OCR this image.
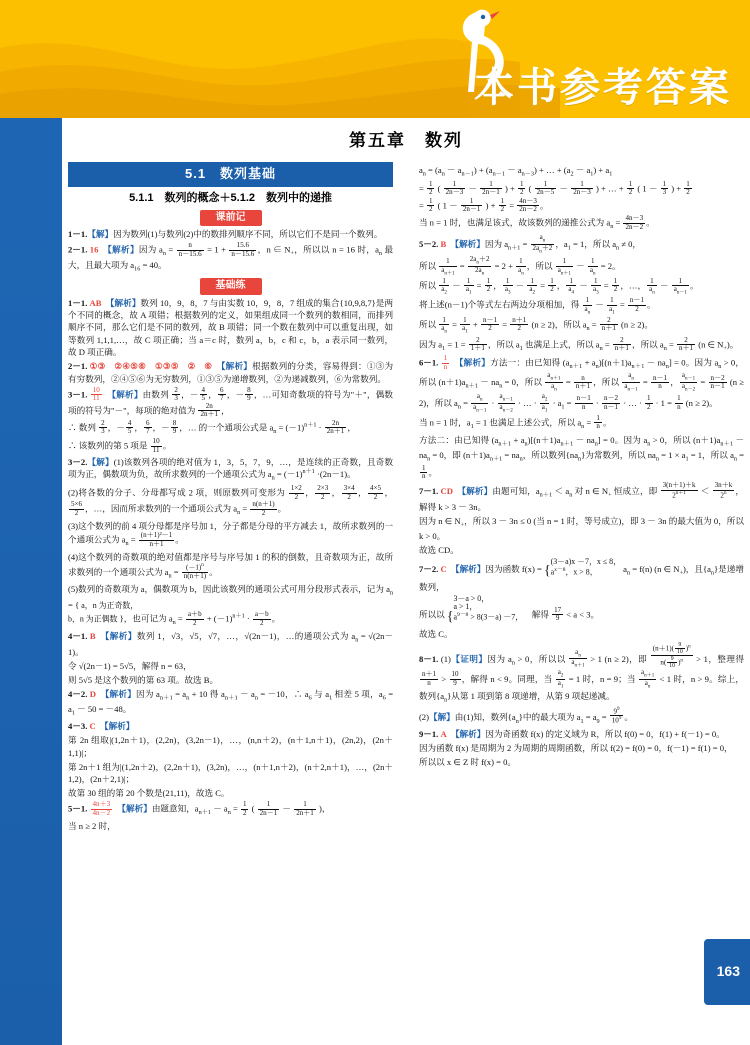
本书参考答案
163
第五章　数列
5.1　数列基础
5.1.1　数列的概念＋5.1.2　数列中的递推
课前记

1－1.【解】因为数列(1)与数列(2)中的数排列顺序不同，所以它们不是同一个数列。

2－1. 16　 【解析】因为 $a_n = \frac{n}{n-15.6} = 1 + \frac{15.6}{n-15.6}$ ，n ∈ $N_+$，所以以 n = 16 时，$a_n$ 最大，且最大项为 $a_{16} = 40$。

基础练

1－1. AB　 【解析】数列 10，9，8，7 与由实数 10，9，8，7 组成的集合{10,9,8,7}是两个不同的概念，故 A 项错；根据数列的定义，如果组成同一个数列的数相同，而排列顺序不同，那么它们是不同的数列，故 B 项错；同一个数在数列中可以重复出现，如等数列 1,1,1,…，故 C 项正确；当 a＝c 时，数列 a，b，c 和 c，b，a 表示同一数列，故 D 项正确。

2－1. ①③　②④⑤⑥　①③⑤　②　⑥　 【解析】根据数列的分类，容易得到：①③为有穷数列，②④⑤⑥为无穷数列，①③⑤为递增数列，②为递减数列，⑥为常数列。

3－1. $\frac{10}{11}$
　 【解析】由数列 $\frac{2}{3}$ ，－ $\frac{4}{5}$ ， $\frac{6}{7}$ ，－ $\frac{8}{9}$ ，…可知奇数项的符号为"＋"，偶数项的符号为"－"，每项的绝对值为 $\frac{2n}{2n+1}$ ，

∴ 数列 $\frac{2}{3}$ ，－ $\frac{4}{5}$ ， $\frac{6}{7}$ ，－ $\frac{8}{9}$ ，… 的一个通项公式是 $a_n = (-1)^{n+1} \cdot \frac{2n}{2n+1}$ ，

∴ 该数列的第 5 项是 $\frac{10}{11}$ 。

3－2.【解】(1)该数列各项的绝对值为 1，3，5，7，9，…，是连续的正奇数，且奇数项为正，偶数项为负，故所求数列的一个通项公式为 $a_n = (-1)^{n+1} \cdot(2n-1)$。

(2)将各数的分子、分母都写成 2 项，则原数列可变形为 $\frac{1\times 2}{2}$ ， $\frac{2\times 3}{2}$ ， $\frac{3\times 4}{2}$ ， $\frac{4\times 5}{2}$ ，
$\frac{5\times 6}{2}$ ，…，因而所求数列的一个通项公式为 $a_n = \frac{n(n+1)}{2}$ 。

(3)这个数列的前 4 项分母都是序号加 1，分子都是分母的平方减去 1，故所求数列的一个通项公式为 $a_n = \frac{\text{(n＋1)²－1}}{n+1}$ 。

(4)这个数列的奇数项的绝对值都是序号与序号加 1 的积的倒数，且奇数项为正，故所求数列的一个通项公式为 $a_n = \frac{(-1)^n}{n(n+1)}$ 。

(5)数列的奇数项为 a，偶数项为 b，因此该数列的通项公式可用分段形式表示，记为 $a_n$ = { a，n 为正奇数，
b，n 为正偶数 }，也可记为 $a_n = \frac{a+b}{2} + (-1)^{n+1} \cdot \frac{a-b}{2}$ 。

4－1. B　 【解析】数列 1，√3，√5，√7，…，√(2n－1)，…的通项公式为 $a_n = √(2n-1)$。

令 √(2n－1) = 5√5，解得 n = 63，

则 5√5 是这个数列的第 63 项。故选 B。

4－2. D　 【解析】因为 $a_{n+1} = a_n + 10$ 得 $a_{n+1} - a_n = -10$，∴ $a_6$ 与 $a_1$ 相差 5 项，$a_6 = a_1 - 50 = -48$。

4－3. C　 【解析】

第 2n 组取|(1,2n＋1)，(2,2n)，(3,2n－1)，…，(n,n＋2)，(n＋1,n＋1)，(2n,2)，(2n＋1,1)|；

第 2n＋1 组为|(1,2n＋2)，(2,2n＋1)，(3,2n)，…，(n＋1,n＋2)，(n＋2,n＋1)，…，(2n＋1,2)，(2n＋2,1)|；

故第 30 组的第 20 个数是(21,11)，故选 C。

5－1. $\frac{4n+3}{4n-2}$
　 【解析】由题意知，$a_{n+1} - a_n = \frac{1}{2}$ ( $\frac{1}{2n-1} - \frac{1}{2n+1}$ )，

当 n ≥ 2 时，

$a_n = (a_n - a_{n-1}) + (a_{n-1} - a_{n-3})$ + … + $(a_2 - a_1) + a_1$

= $\frac{1}{2}$ ( $\frac{1}{2n-3} - \frac{1}{2n-1}$ ) + $\frac{1}{2}$ ( $\frac{1}{2n-5} - \frac{1}{2n-3}$ ) + … + $\frac{1}{2}$ ( $1 - \frac{1}{3}$ ) + $\frac{1}{2}$

= $\frac{1}{2}$ ( $1 - \frac{1}{2n-1}$ ) + $\frac{1}{2} = \frac{4n-3}{2n-2}$ 。

当 n = 1 时，也满足该式，故该数列的递推公式为 $a_n = \frac{4n-3}{2n-2}$ 。

5－2. B　 【解析】因为 $a_{n+1} = \frac{a_n}{2a_n+2}$ ，$a_1 = 1$，所以 $a_n \ne 0$，

所以 $\frac{1}{a_{n+1}} = \frac{2a_n+2}{2a_n} = 2 + \frac{1}{a_n}$ ，所以 $\frac{1}{a_{n+1}} - \frac{1}{a_n} = 2$。

所以 $\frac{1}{a_2} - \frac{1}{a_1} = \frac{1}{2}$ ， $\frac{1}{a_3} - \frac{1}{a_2} = \frac{1}{2}$ ， $\frac{1}{a_4} - \frac{1}{a_3} = \frac{1}{2}$ ，…， $\frac{1}{a_n} - \frac{1}{a_{n-1}}$ 。

将上述(n－1)个等式左右两边分项相加，得 $\frac{1}{a_n} - \frac{1}{a_1} = \frac{n-1}{2}$ 。

所以 $\frac{1}{a_n} = \frac{1}{a_1} + \frac{n-1}{2} = \frac{n+1}{2} (n \ge 2)$，所以 $a_n = \frac{2}{n+1} (n \ge 2)$。

因为 $a_1 = 1 = \frac{2}{1+1}$ ，所以 $a_1$ 也满足上式，所以 $a_n = \frac{2}{n+1}$ ，所以 $a_n = \frac{2}{n+1} (n$ ∈ $N_+$)。

6－1. $\frac{1}{n}$
　 【解析】方法一：由已知得 $(a_{n+1} + a_n)[(n+1)a_{n+1} - na_n] = 0$。因为 $a_n > 0$，所以 $(n+1)a_{n+1} - na_n = 0$，所以 $\frac{a_{n+1}}{a_n} = \frac{n}{n+1}$ ，所以 $\frac{a_n}{a_{n-1}} = \frac{n-1}{n}$ ， $\frac{a_{n-1}}{a_{n-2}} = \frac{n-2}{n-1} (n \ge 2)$，所以 $a_n = \frac{a_n}{a_{n-1}} \cdot \frac{a_{n-1}}{a_{n-2}}$ · … · $\frac{a_2}{a_1} \cdot a_1 = \frac{n-1}{n} \cdot \frac{n-2}{n-1}$ · … · $\frac{1}{2} \cdot 1 = \frac{1}{n} (n \ge 2)$。

当 n = 1 时，$a_1 = 1$ 也满足上述公式，所以 $a_n = \frac{1}{n}$ 。

方法二：由已知得 $(a_{n+1} + a_n)[(n+1)a_{n+1} - na_n] = 0$。因为 $a_n > 0$，所以 $(n+1)a_{n+1} - na_n = 0$，即 $(n+1)a_{n+1} = na_n$，所以数列$\{na_n\}$为常数列，所以 $na_n = 1 \times a_1 = 1$，所以 $a_n$ =
$\frac{1}{n}$ 。

7－1. CD　 【解析】由题可知，$a_{n+1} < a_n$ 对 n ∈ $N_+$ 恒成立，即 $\frac{3(n+1)+k}{2^{n+1}} < \frac{3n+k}{2^n}$ ，解得 k > 3 － 3n。

因为 n ∈ $N_+$，所以 3 － 3n ≤ 0 (当 n = 1 时，等号成立)，即 3 － 3n 的最大值为 0，所以 k > 0。

故选 CD。

7－2. C　 【解析】因为函数 f(x) = {(3－a)x －7，x ≤ 8，
$a^{x-8}$，x > 8，	$a_n = f(n)$ (n ∈ $N_+$)，且$\{a_n\}$是递增数列，

所以以 {3－a > 0，
a > 1，
$a^{9-8} > 8(3-a) -7$，　解得 $\frac{17}{9} < a < 3$。

故选 C。

8－1. (1)【证明】因为 $a_n > 0$，所以以 $\frac{a_n}{a_{n+1}} > 1$ (n ≥ 2)，即 $\frac{(n+1)( \frac{9}{10} )^n}{n( \frac{9}{10} )^n} > 1$，整理得
$\frac{n+1}{n} > \frac{10}{9}$ ，解得 n < 9。同理，当 $\frac{a_2}{a_1} = 1$ 时，n = 9；当 $\frac{a_{n+1}}{a_n} < 1$ 时，n > 9。综上，数列$\{a_n\}$从第 1 项到第 8 项递增，从第 9 项起递减。

(2)【解】由(1)知，数列$\{a_n\}$中的最大项为 $a_1 = a_9 = \frac{9^9}{10^9}$ 。

9－1. A　 【解析】因为奇函数 f(x) 的定义域为 R，所以 f(0) = 0，f(1) + f(－1) = 0。

因为函数 f(x) 是周期为 2 为周期的周期函数，所以 f(2) = f(0) = 0，f(－1) = f(1) = 0，

所以以 x ∈ Z 时 f(x) = 0。
